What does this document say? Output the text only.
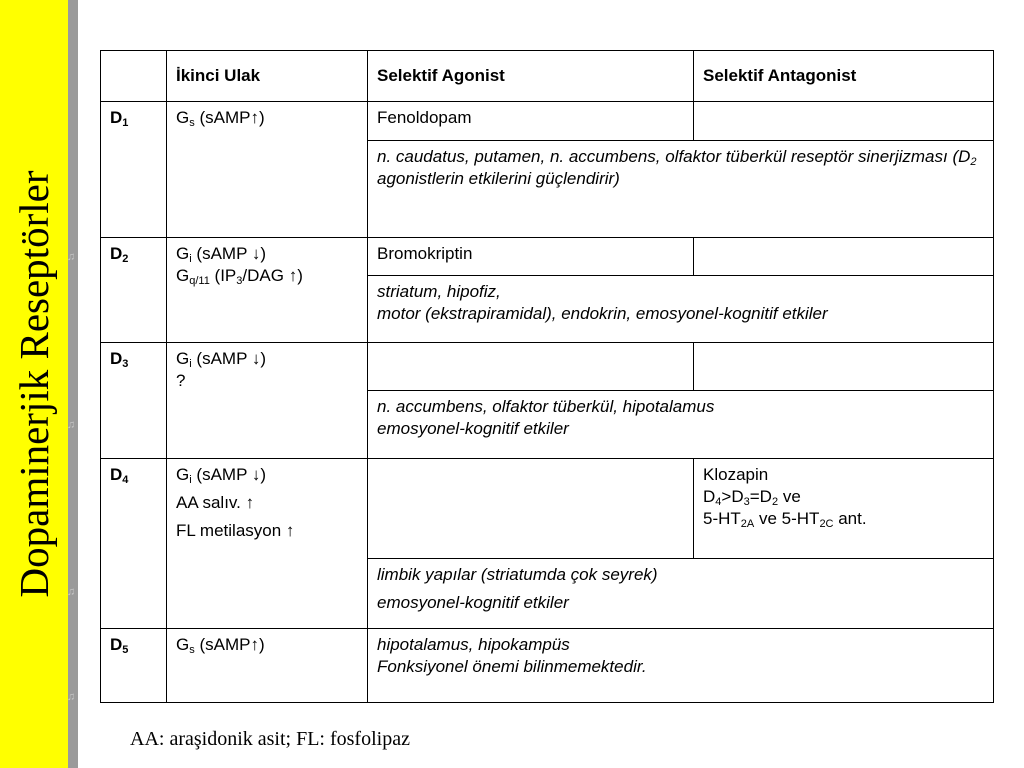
Dopaminerjik Reseptörler ♫
♫
♫
♫
	İkinci Ulak	Selektif Agonist	Selektif Antagonist
$D_1$	$G_s$ (sAMP↑)	Fenoldopam	
		n. caudatus, putamen, n. accumbens, olfaktor tüberkül reseptör sinerjizması ($D_2$ agonistlerin etkilerini güçlendirir)	
$D_2$	$G_i$ (sAMP ↓)
$G_{q/11}$ ($IP_3$/DAG ↑)	Bromokriptin	

		striatum, hipofiz,
motor (ekstrapiramidal), endokrin, emosyonel-kognitif etkiler	

$D_3$	$G_i$ (sAMP ↓)
?		

		n. accumbens, olfaktor tüberkül, hipotalamus
emosyonel-kognitif etkiler	

$D_4$	$G_i$ (sAMP ↓)
AA salıv. ↑
FL metilasyon ↑		Klozapin
$D_4>D_3=D_2$ ve
$5-HT_{2A}$ ve $5-HT_{2C}$ ant.

		limbik yapılar (striatumda çok seyrek)
emosyonel-kognitif etkiler	

$D_5$	$G_s$ (sAMP↑)	hipotalamus, hipokampüs
Fonksiyonel önemi bilinmemektedir.	
AA: araşidonik asit; FL: fosfolipaz
